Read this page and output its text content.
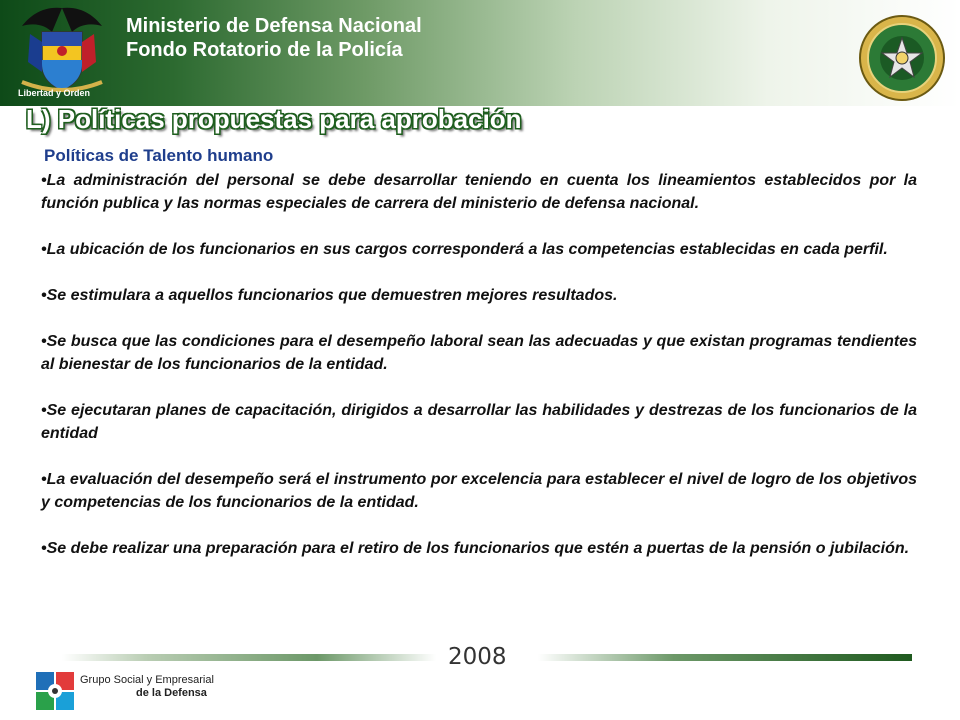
Libertad y Orden
Ministerio de Defensa Nacional
Fondo Rotatorio de la Policía
L) Políticas propuestas para aprobación
Políticas de Talento humano

•La administración del personal se debe desarrollar teniendo en cuenta los lineamientos establecidos por la función publica y las normas especiales de carrera del ministerio de defensa nacional.

•La ubicación de los funcionarios en sus cargos corresponderá a las competencias establecidas en cada perfil.

•Se estimulara a aquellos funcionarios que demuestren mejores resultados.

•Se busca que las condiciones para el desempeño laboral sean las adecuadas y que existan programas tendientes al bienestar de los funcionarios de la entidad.

•Se ejecutaran planes de capacitación, dirigidos a desarrollar las habilidades y destrezas de los funcionarios de la entidad

•La evaluación del desempeño será el instrumento por excelencia para establecer el nivel de logro de los objetivos y competencias de los funcionarios de la entidad.

•Se debe realizar una preparación para el retiro de los funcionarios que estén a puertas de la pensión o jubilación.

2008
Grupo Social y Empresarial
de la Defensa
